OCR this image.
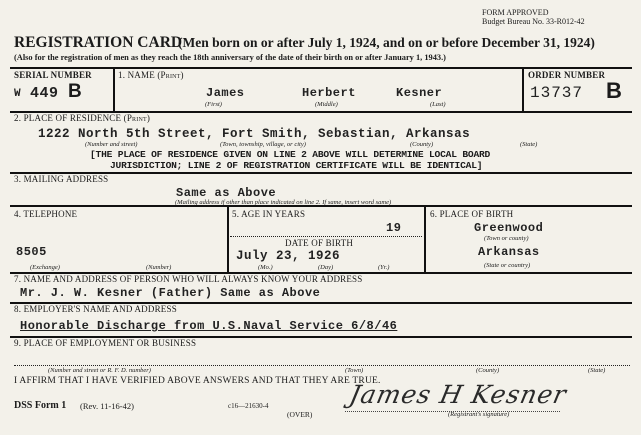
FORM APPROVED
Budget Bureau No. 33-R012-42
REGISTRATION CARD
(Men born on or after July 1, 1924, and on or before December 31, 1924)
(Also for the registration of men as they reach the 18th anniversary of the date of their birth on or after January 1, 1943.)
SERIAL NUMBER
W 449 B
1. NAME (Print)
James	Herbert	Kesner
(First)	(Middle)	(Last)
ORDER NUMBER
13737 B
2. PLACE OF RESIDENCE (Print)
1222 North 5th Street, Fort Smith, Sebastian, Arkansas
(Number and street)	(Town, township, village, or city)	(County)	(State)
[THE PLACE OF RESIDENCE GIVEN ON LINE 2 ABOVE WILL DETERMINE LOCAL BOARD
JURISDICTION; LINE 2 OF REGISTRATION CERTIFICATE WILL BE IDENTICAL]
3. MAILING ADDRESS
Same as Above
(Mailing address if other than place indicated on line 2. If same, insert word same)
4. TELEPHONE
8505
(Exchange)	(Number)
5. AGE IN YEARS
19
DATE OF BIRTH
July 23, 1926
(Mo.)	(Day)	(Yr.)
6. PLACE OF BIRTH
Greenwood
(Town or county)
Arkansas
(State or country)
7. NAME AND ADDRESS OF PERSON WHO WILL ALWAYS KNOW YOUR ADDRESS
Mr. J. W. Kesner (Father) Same as Above
8. EMPLOYER'S NAME AND ADDRESS
Honorable Discharge from U.S.Naval Service 6/8/46
9. PLACE OF EMPLOYMENT OR BUSINESS
(Number and street or R. F. D. number)	(Town)	(County)	(State)
I AFFIRM THAT I HAVE VERIFIED ABOVE ANSWERS AND THAT THEY ARE TRUE.
DSS Form 1 (Rev. 11-16-42)	c16—21630-4
(OVER)
James H Kesner
(Registrant's signature)
